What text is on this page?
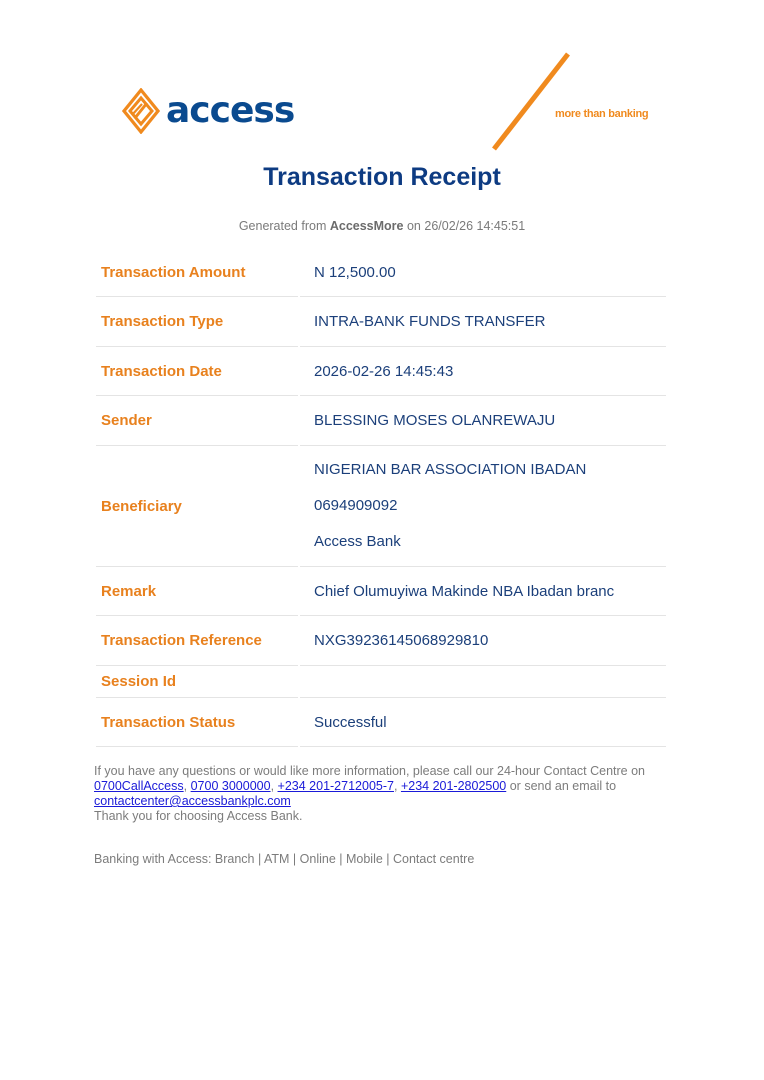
access	more than banking
Transaction Receipt
Generated from AccessMore on 26/02/26 14:45:51
Transaction Amount	N 12,500.00
Transaction Type	INTRA-BANK FUNDS TRANSFER
Transaction Date	2026-02-26 14:45:43
Sender	BLESSING MOSES OLANREWAJU
Beneficiary	NIGERIAN BAR ASSOCIATION IBADAN
0694909092
Access Bank

Remark	Chief Olumuyiwa Makinde NBA Ibadan branc
Transaction Reference	NXG39236145068929810
Session Id	
Transaction Status	Successful
If you have any questions or would like more information, please call our 24-hour Contact Centre on
0700CallAccess, 0700 3000000, +234 201-2712005-7, +234 201-2802500 or send an email to
contactcenter@accessbankplc.com
Thank you for choosing Access Bank.
Banking with Access: Branch | ATM | Online | Mobile | Contact centre
